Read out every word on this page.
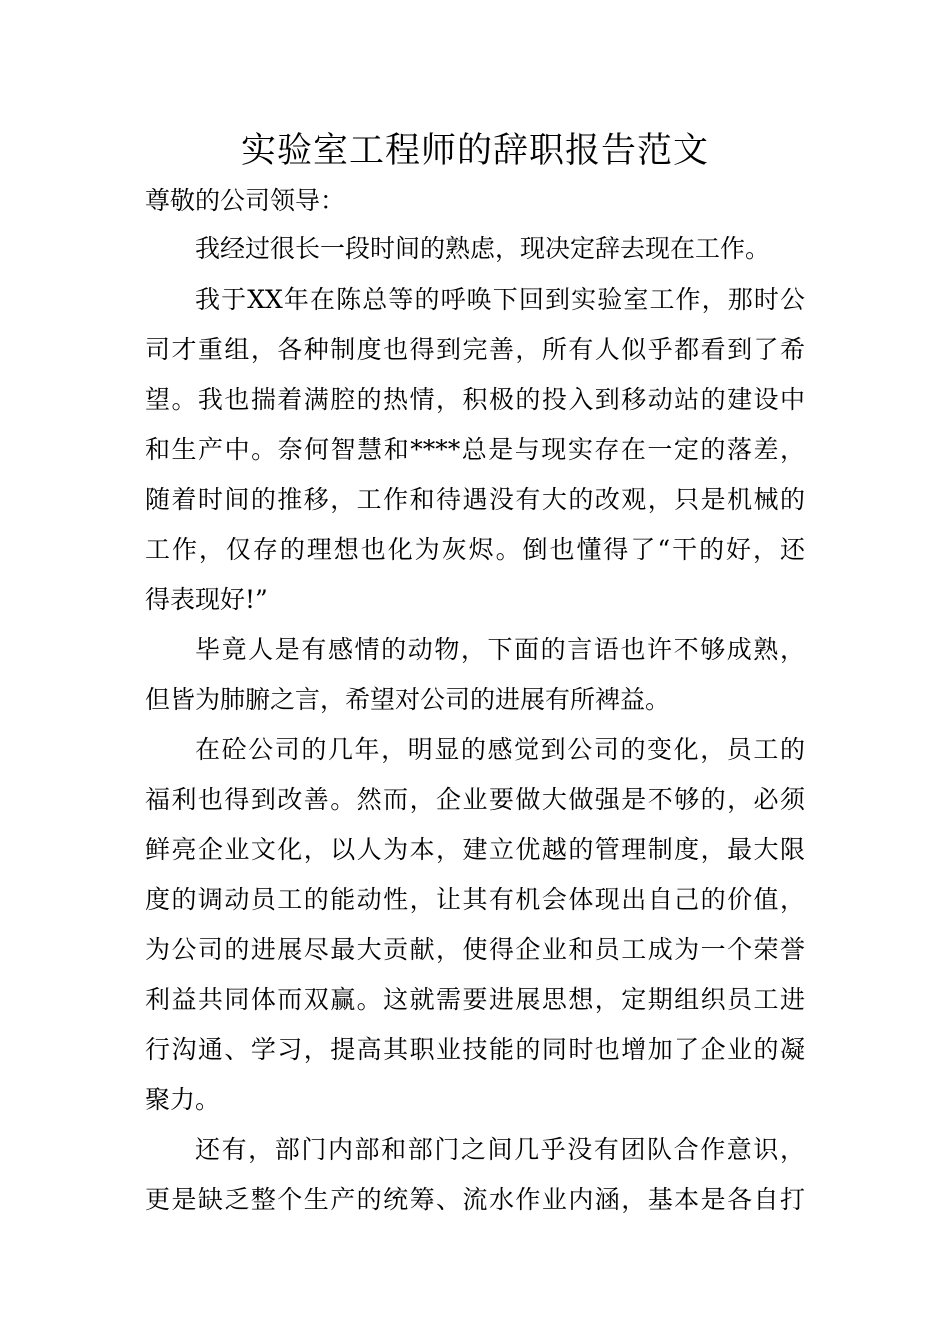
实验室工程师的辞职报告范文
尊敬的公司领导：
我经过很长一段时间的熟虑，现决定辞去现在工作。
我于XX年在陈总等的呼唤下回到实验室工作，那时公
司才重组，各种制度也得到完善，所有人似乎都看到了希
望。我也揣着满腔的热情，积极的投入到移动站的建设中
和生产中。奈何智慧和****总是与现实存在一定的落差，
随着时间的推移，工作和待遇没有大的改观，只是机械的
工作，仅存的理想也化为灰烬。倒也懂得了“干的好，还
得表现好!”
毕竟人是有感情的动物，下面的言语也许不够成熟，
但皆为肺腑之言，希望对公司的进展有所裨益。
在砼公司的几年，明显的感觉到公司的变化，员工的
福利也得到改善。然而，企业要做大做强是不够的，必须
鲜亮企业文化，以人为本，建立优越的管理制度，最大限
度的调动员工的能动性，让其有机会体现出自己的价值，
为公司的进展尽最大贡献，使得企业和员工成为一个荣誉
利益共同体而双赢。这就需要进展思想，定期组织员工进
行沟通、学习，提高其职业技能的同时也增加了企业的凝
聚力。
还有，部门内部和部门之间几乎没有团队合作意识，
更是缺乏整个生产的统筹、流水作业内涵，基本是各自打
